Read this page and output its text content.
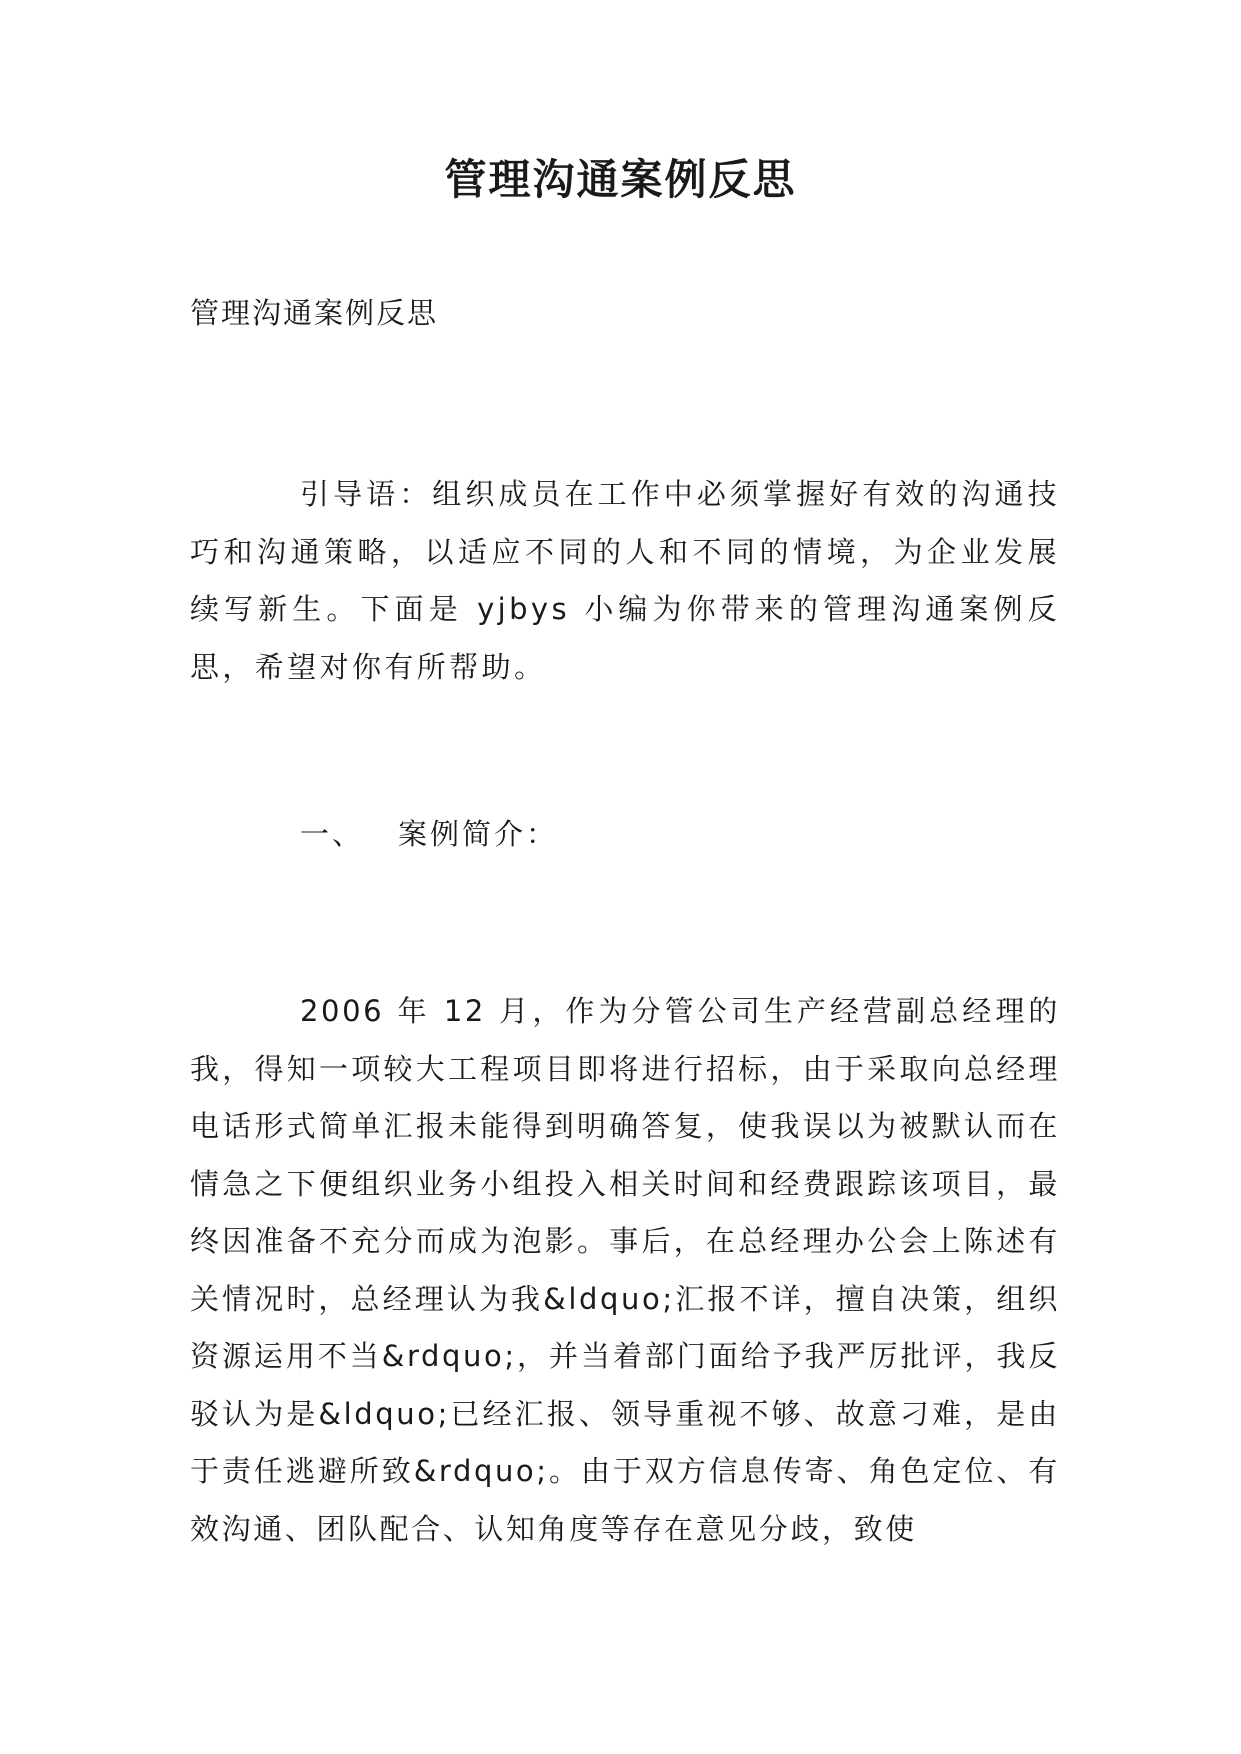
管理沟通案例反思
管理沟通案例反思

引导语：组织成员在工作中必须掌握好有效的沟通技巧和沟通策略，以适应不同的人和不同的情境，为企业发展续写新生。下面是 yjbys 小编为你带来的管理沟通案例反思，希望对你有所帮助。

一、 案例简介：

2006 年 12 月，作为分管公司生产经营副总经理的我，得知一项较大工程项目即将进行招标，由于采取向总经理电话形式简单汇报未能得到明确答复，使我误以为被默认而在情急之下便组织业务小组投入相关时间和经费跟踪该项目，最终因准备不充分而成为泡影。事后，在总经理办公会上陈述有关情况时，总经理认为我&ldquo;汇报不详，擅自决策，组织资源运用不当&rdquo;，并当着部门面给予我严厉批评，我反驳认为是&ldquo;已经汇报、领导重视不够、故意刁难，是由于责任逃避所致&rdquo;。由于双方信息传寄、角色定位、有效沟通、团队配合、认知角度等存在意见分歧，致使
